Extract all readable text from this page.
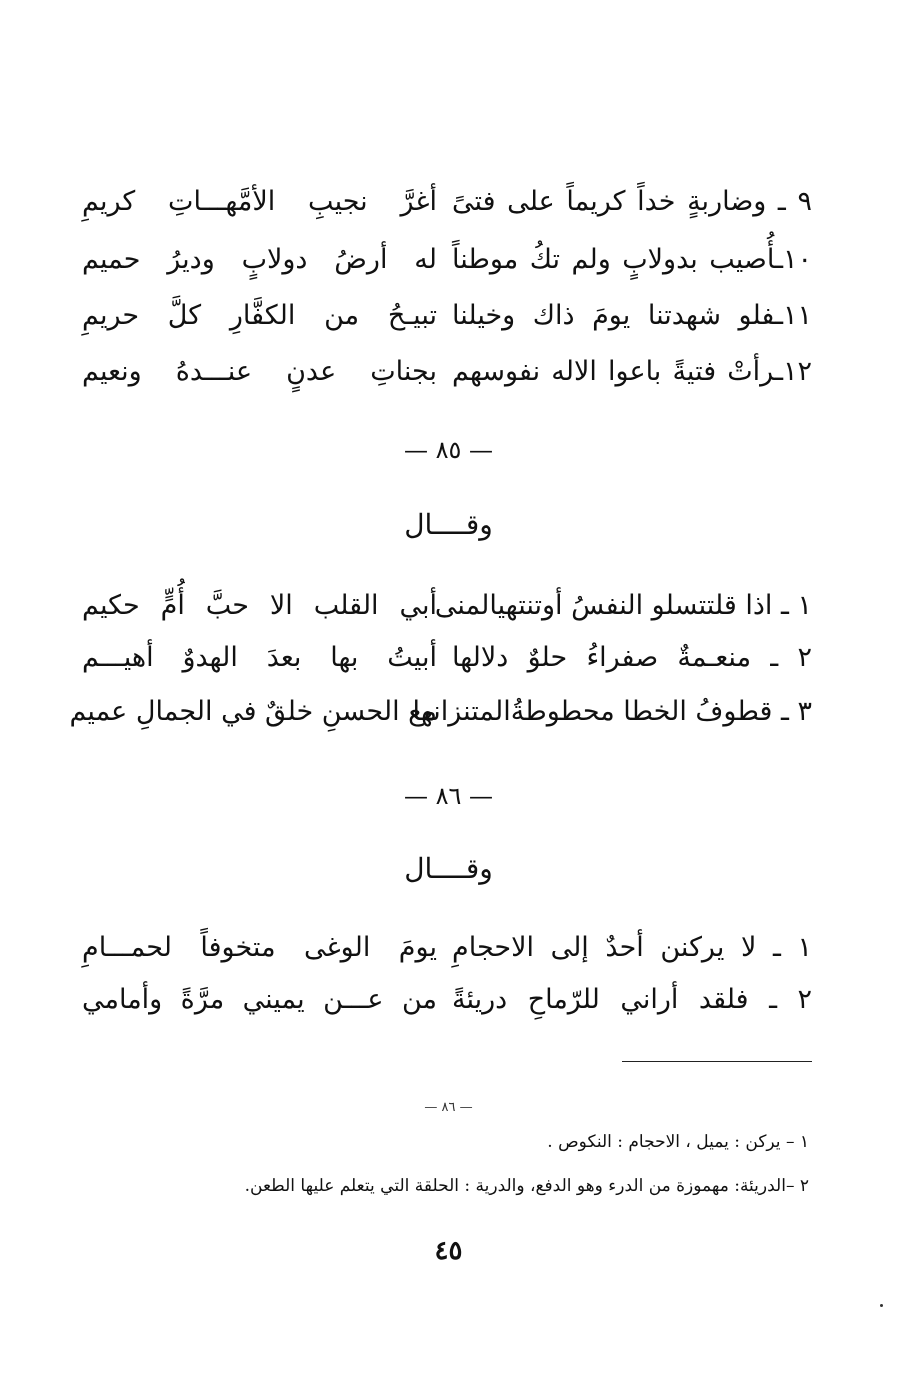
٩ ـ وضاربةٍ خداً كريماً على فتىً
أغرَّ نجيبِ الأمَّهـــاتِ كريمِ
١٠ـأُصيب بدولابٍ ولم تكُ موطناً
له أرضُ دولابٍ وديرُ حميم
١١ـفلو شهدتنا يومَ ذاك وخيلنا
تبيـحُ من الكفَّارِ كلَّ حريمِ
١٢ـرأتْ فتيةً باعوا الاله نفوسهم
بجناتِ عدنٍ عنـــدهُ ونعيم
— ٨٥ —
وقــــال
١ ـ اذا قلتتسلو النفسُ أوتنتهيالمنى
أبي القلب الا حبَّ أُمٍّ حكيم
٢ ـ منعـمةٌ صفراءُ حلوٌ دلالها
أبيتُ بها بعدَ الهدوٌ أهيـــم
٣ ـ قطوفُ الخطا محطوطةُالمتنزانها
مع الحسنِ خلقٌ في الجمالِ عميم
— ٨٦ —
وقــــال
١ ـ لا يركنن أحدٌ إلى الاحجامِ
يومَ الوغى متخوفاً لحمـــامِ
٢ ـ فلقد أراني للرّماحِ دريئةً
من عـــن يميني مرَّةً وأمامي
— ٨٦ —
١ – يركن : يميل ، الاحجام : النكوص .
٢ –الدريئة: مهموزة من الدرء وهو الدفع، والدرية : الحلقة التي يتعلم عليها الطعن.
٤٥
